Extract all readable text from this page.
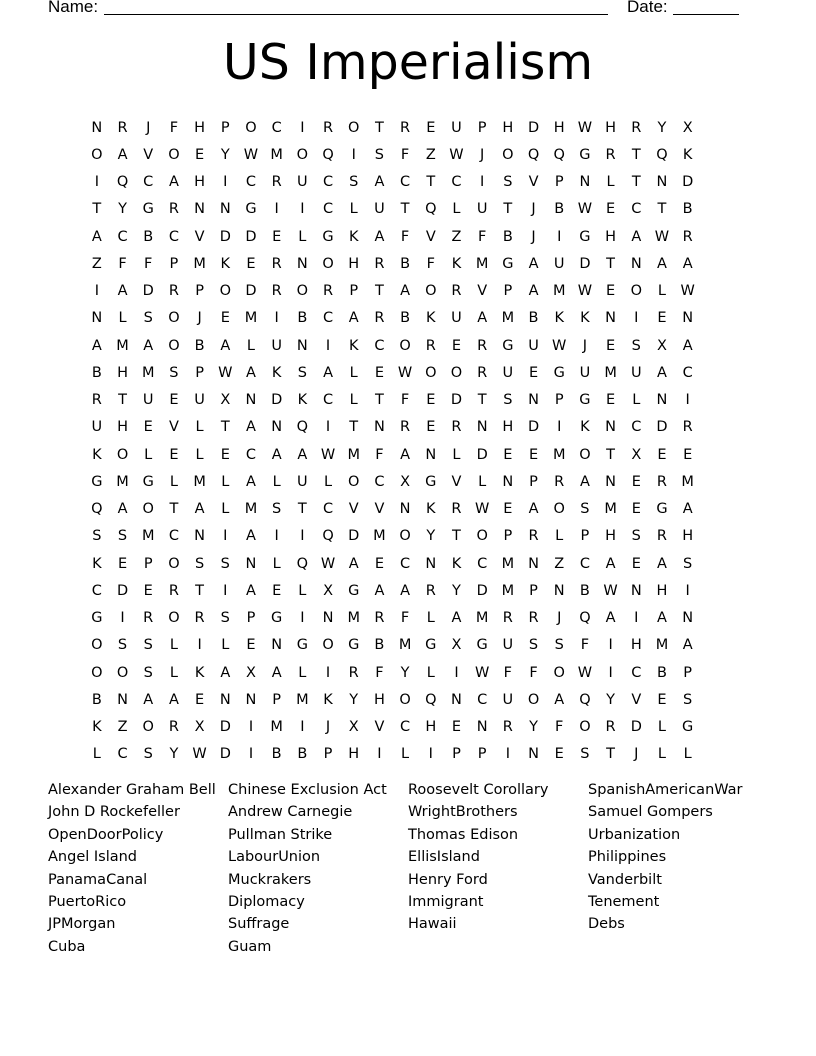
Name:	Date:
US Imperialism
N	R	J	F	H	P	O	C	I	R	O	T	R	E	U	P	H	D	H W H	R	Y	X
O	A	V	O	E	Y W M O Q	I	S	F	Z W	J	O Q Q G	R	T	Q	K
I	Q	C	A	H	I	C	R	U	C	S	A	C	T	C	I	S	V	P	N	L	T	N	D
T	Y	G	R	N	N	G	I	I	C	L	U	T	Q	L	U	T	J	B W E	C	T	B
A	C	B	C	V	D	D	E	L	G	K	A	F	V	Z	F	B	J	I	G	H	A W R
Z	F	F	P	M	K	E	R	N	O	H	R	B	F	K	M G	A	U	D	T	N	A	A
I	A	D	R	P	O D	R	O	R	P	T	A	O	R	V	P	A M W E	O	L W
N	L	S	O	J	E	M	I	B	C	A	R	B	K	U	A M B	K	K	N	I	E	N
A M A	O	B	A	L	U	N	I	K	C	O	R	E	R	G	U W	J	E	S	X	A
B	H M	S	P W A	K	S	A	L	E W O O	R	U	E	G	U M U	A	C
R	T	U	E	U	X	N	D	K	C	L	T	F	E	D	T	S	N	P	G	E	L	N	I
U	H	E	V	L	T	A	N	Q	I	T	N	R	E	R	N	H	D	I	K	N	C	D	R
K	O	L	E	L	E	C	A	A W M	F	A	N	L	D	E	E	M O	T	X	E	E
G M G	L	M	L	A	L	U	L	O	C	X	G	V	L	N	P	R	A	N	E	R M
Q	A	O	T	A	L	M	S	T	C	V	V	N	K	R W E	A	O	S	M	E	G	A
S	S	M C	N	I	A	I	I	Q D M O	Y	T	O	P	R	L	P	H	S	R	H
K	E	P	O	S	S	N	L	Q W A	E	C	N	K	C M N	Z	C	A	E	A	S
C	D	E	R	T	I	A	E	L	X	G	A	A	R	Y	D M	P	N	B W N	H	I
G	I	R	O	R	S	P	G	I	N M R	F	L	A M R	R	J	Q	A	I	A	N
O	S	S	L	I	L	E	N	G O G	B M G	X	G	U	S	S	F	I	H M A
O O	S	L	K	A	X	A	L	I	R	F	Y	L	I	W F	F	O W	I	C	B	P
B	N	A	A	E	N	N	P	M	K	Y	H	O Q	N	C	U	O	A	Q	Y	V	E	S
K	Z	O	R	X	D	I	M	I	J	X	V	C	H	E	N	R	Y	F	O	R	D	L	G
L	C	S	Y W D	I	B	B	P	H	I	L	I	P	P	I	N	E	S	T	J	L	L
Alexander Graham Bell
John D Rockefeller
OpenDoorPolicy
Angel Island
PanamaCanal
PuertoRico
JPMorgan
Cuba
Chinese Exclusion Act
Andrew Carnegie
Pullman Strike
LabourUnion
Muckrakers
Diplomacy
Suffrage
Guam
Roosevelt Corollary
WrightBrothers
Thomas Edison
EllisIsland
Henry Ford
Immigrant
Hawaii
SpanishAmericanWar
Samuel Gompers
Urbanization
Philippines
Vanderbilt
Tenement
Debs
